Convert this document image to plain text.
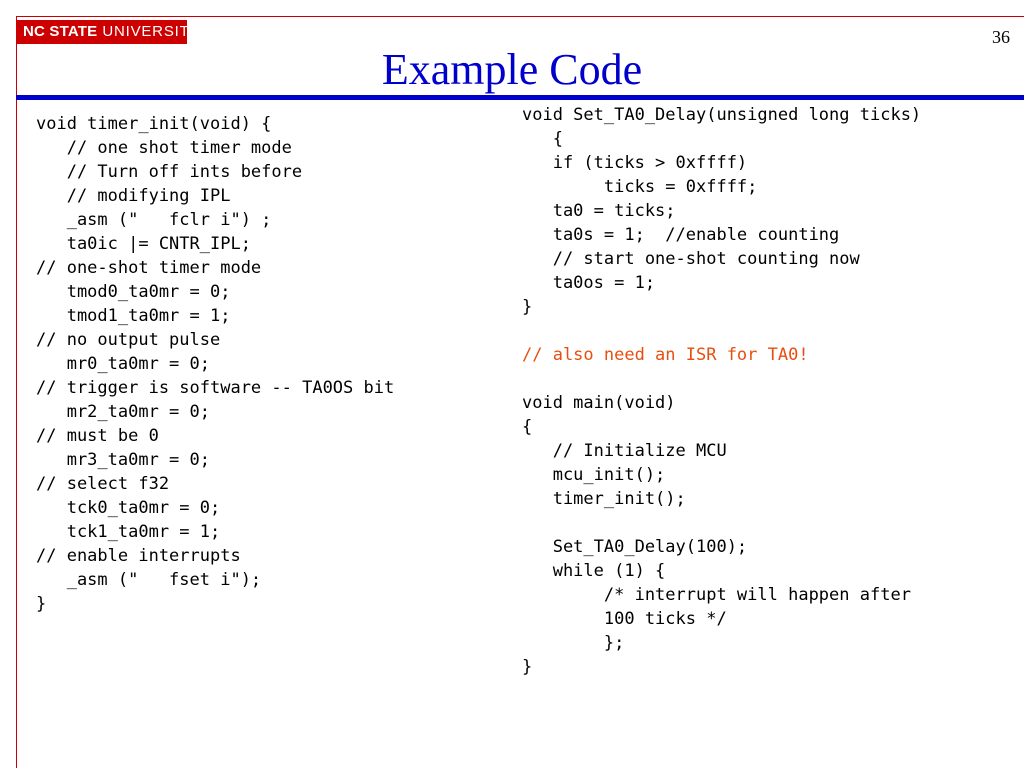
NC STATE UNIVERSITY	36
Example Code
void timer_init(void) {
// one shot timer mode
// Turn off ints before
// modifying IPL
_asm ("   fclr i") ;
ta0ic |= CNTR_IPL;
// one-shot timer mode
tmod0_ta0mr = 0;
tmod1_ta0mr = 1;
// no output pulse
mr0_ta0mr = 0;
// trigger is software -- TA0OS bit
mr2_ta0mr = 0;
// must be 0
mr3_ta0mr = 0;
// select f32
tck0_ta0mr = 0;
tck1_ta0mr = 1;
// enable interrupts
_asm ("   fset i");
}
void Set_TA0_Delay(unsigned long ticks)
{
if (ticks > 0xffff)
ticks = 0xffff;
ta0 = ticks;
ta0s = 1;  //enable counting
// start one-shot counting now
ta0os = 1;
}

// also need an ISR for TA0!

void main(void)
{
// Initialize MCU
mcu_init();
timer_init();

Set_TA0_Delay(100);
while (1) {
/* interrupt will happen after
100 ticks */
};
}
